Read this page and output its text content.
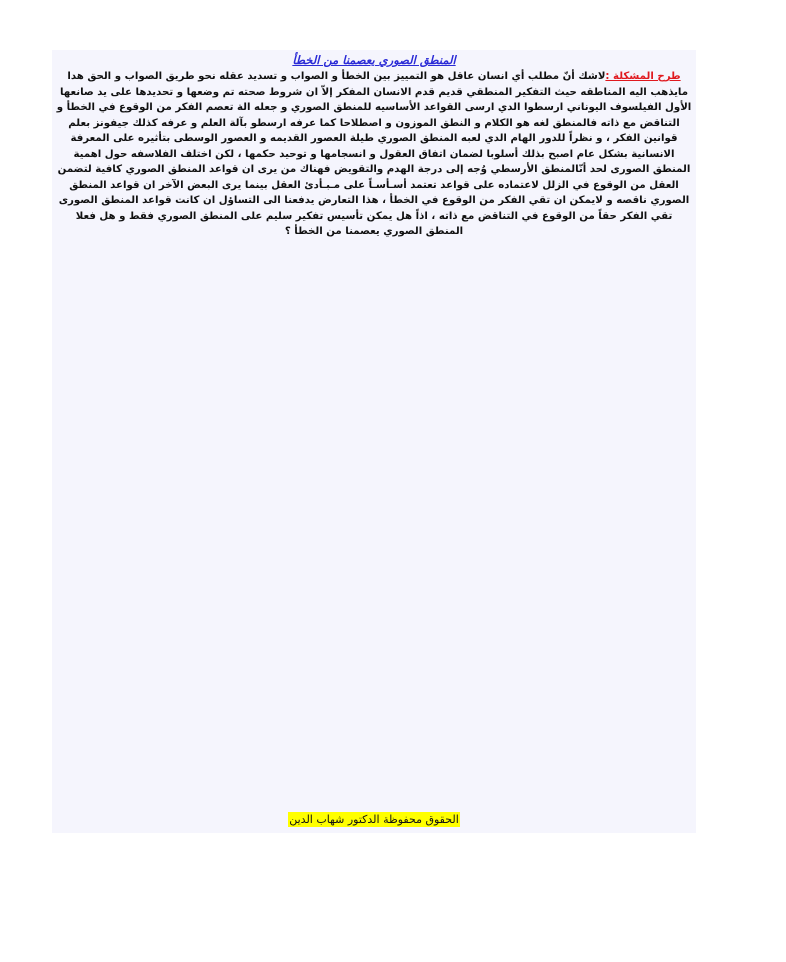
المنطق الصوري يعصمنا من الخطأ

طرح المشكلة :لاشك أنّ مطلب أي انسان عاقل هو التمييز بين الخطأ و الصواب و تسديد عقله نحو طريق الصواب و الحق هدا مايذهب اليه المناطقه حيث التفكير المنطقي قديم قدم الانسان المفكر إلاّ ان شروط صحته تم وضعها و تحديدها على يد صانعها الأول الفيلسوف اليوناني ارسطوا الدي ارسى القواعد الأساسيه للمنطق الصوري و جعله الة تعصم الفكر من الوقوع في الخطأ و التناقض مع ذاته فالمنطق لغه هو الكلام و النطق الموزون و اصطلاحا كما عرفه ارسطو بآلة العلم و عرفه كذلك جيفونز بعلم قوانين الفكر ، و نظراً للدور الهام الدي لعبه المنطق الصوري طيلة العصور القديمه و العصور الوسطى بتأثيره على المعرفة الانسانية بشكل عام اصبح بذلك أسلوبا لضمان اتفاق العقول و انسجامها و توحيد حكمها ، لكن اختلف الفلاسفه حول اهمية المنطق الصورى لحد أنّالمنطق الأرسطي وُجه إلى درجة الهدم والتقويض فهناك من يرى ان قواعد المنطق الصوري كافية لتضمن العقل من الوقوع في الزلل لاعتماده على قواعد تعتمد أسـأسـاً على مـبـأدئ العقل بينما يرى البعض الآخر ان قواعد المنطق الصوري ناقصه و لايمكن ان تقي الفكر من الوقوع في الخطأ ، هذا التعارض يدفعنا الى التساؤل ان كانت قواعد المنطق الصورى تقي الفكر حقاً من الوقوع في التناقض مع ذاته ، اذاً هل يمكن تأسيس تفكير سليم على المنطق الصوري فقط و هل فعلا المنطق الصوري يعصمنا من الخطأ ؟

الحقوق محفوظة الدكتور شهاب الدين
